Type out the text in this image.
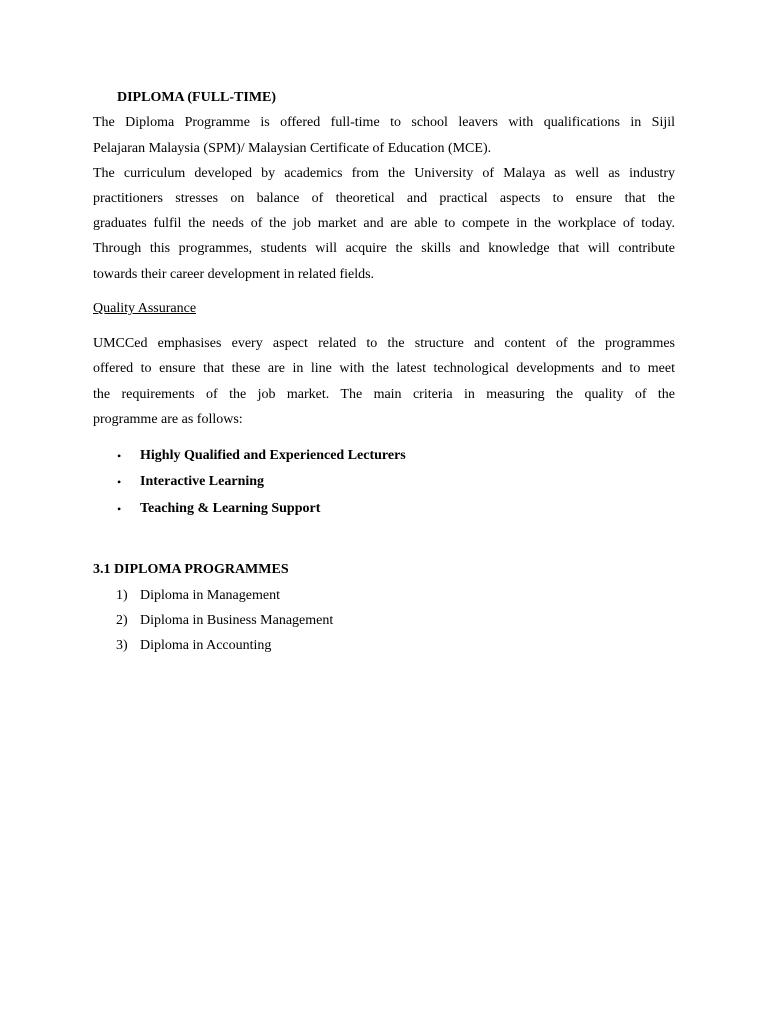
DIPLOMA (FULL-TIME)
The Diploma Programme is offered full-time to school leavers with qualifications in Sijil
Pelajaran Malaysia (SPM)/ Malaysian Certificate of Education (MCE).
The curriculum developed by academics from the University of Malaya as well as industry
practitioners stresses on balance of theoretical and practical aspects to ensure that the
graduates fulfil the needs of the job market and are able to compete in the workplace of today.
Through this programmes, students will acquire the skills and knowledge that will contribute
towards their career development in related fields.
Quality Assurance
UMCCed emphasises every aspect related to the structure and content of the programmes
offered to ensure that these are in line with the latest technological developments and to meet
the requirements of the job market. The main criteria in measuring the quality of the
programme are as follows:
• Highly Qualified and Experienced Lecturers
• Interactive Learning
• Teaching & Learning Support
3.1 DIPLOMA PROGRAMMES
1) Diploma in Management
2) Diploma in Business Management
3) Diploma in Accounting
